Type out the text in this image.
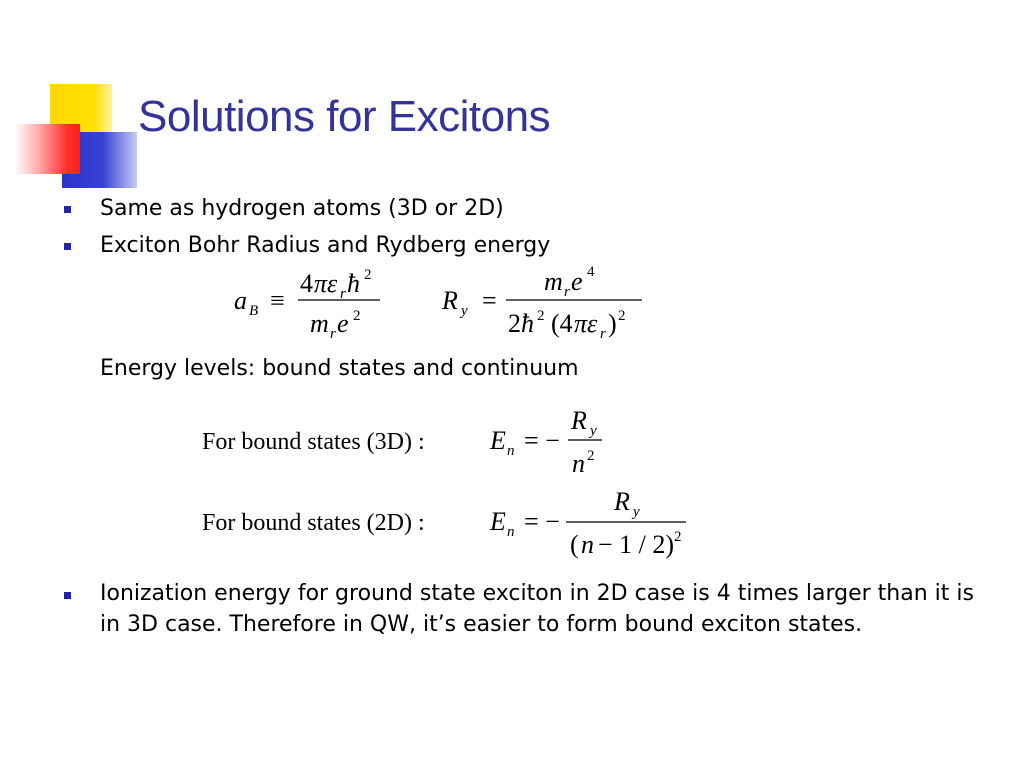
Solutions for Excitons
Same as hydrogen atoms (3D or 2D)
Exciton Bohr Radius and Rydberg energy
a B ≡
4 πε r ħ 2
m r e 2
R y =
m r e 4
2 ħ 2 (4 πε r ) 2
Energy levels: bound states and continuum
For bound states (3D) :	E n = −
R y
n 2
For bound states (2D) :	E n = −
R y
( n − 1 / 2) 2
Ionization energy for ground state exciton in 2D case is 4 times larger than it is in 3D case. Therefore in QW, it’s easier to form bound exciton states.
